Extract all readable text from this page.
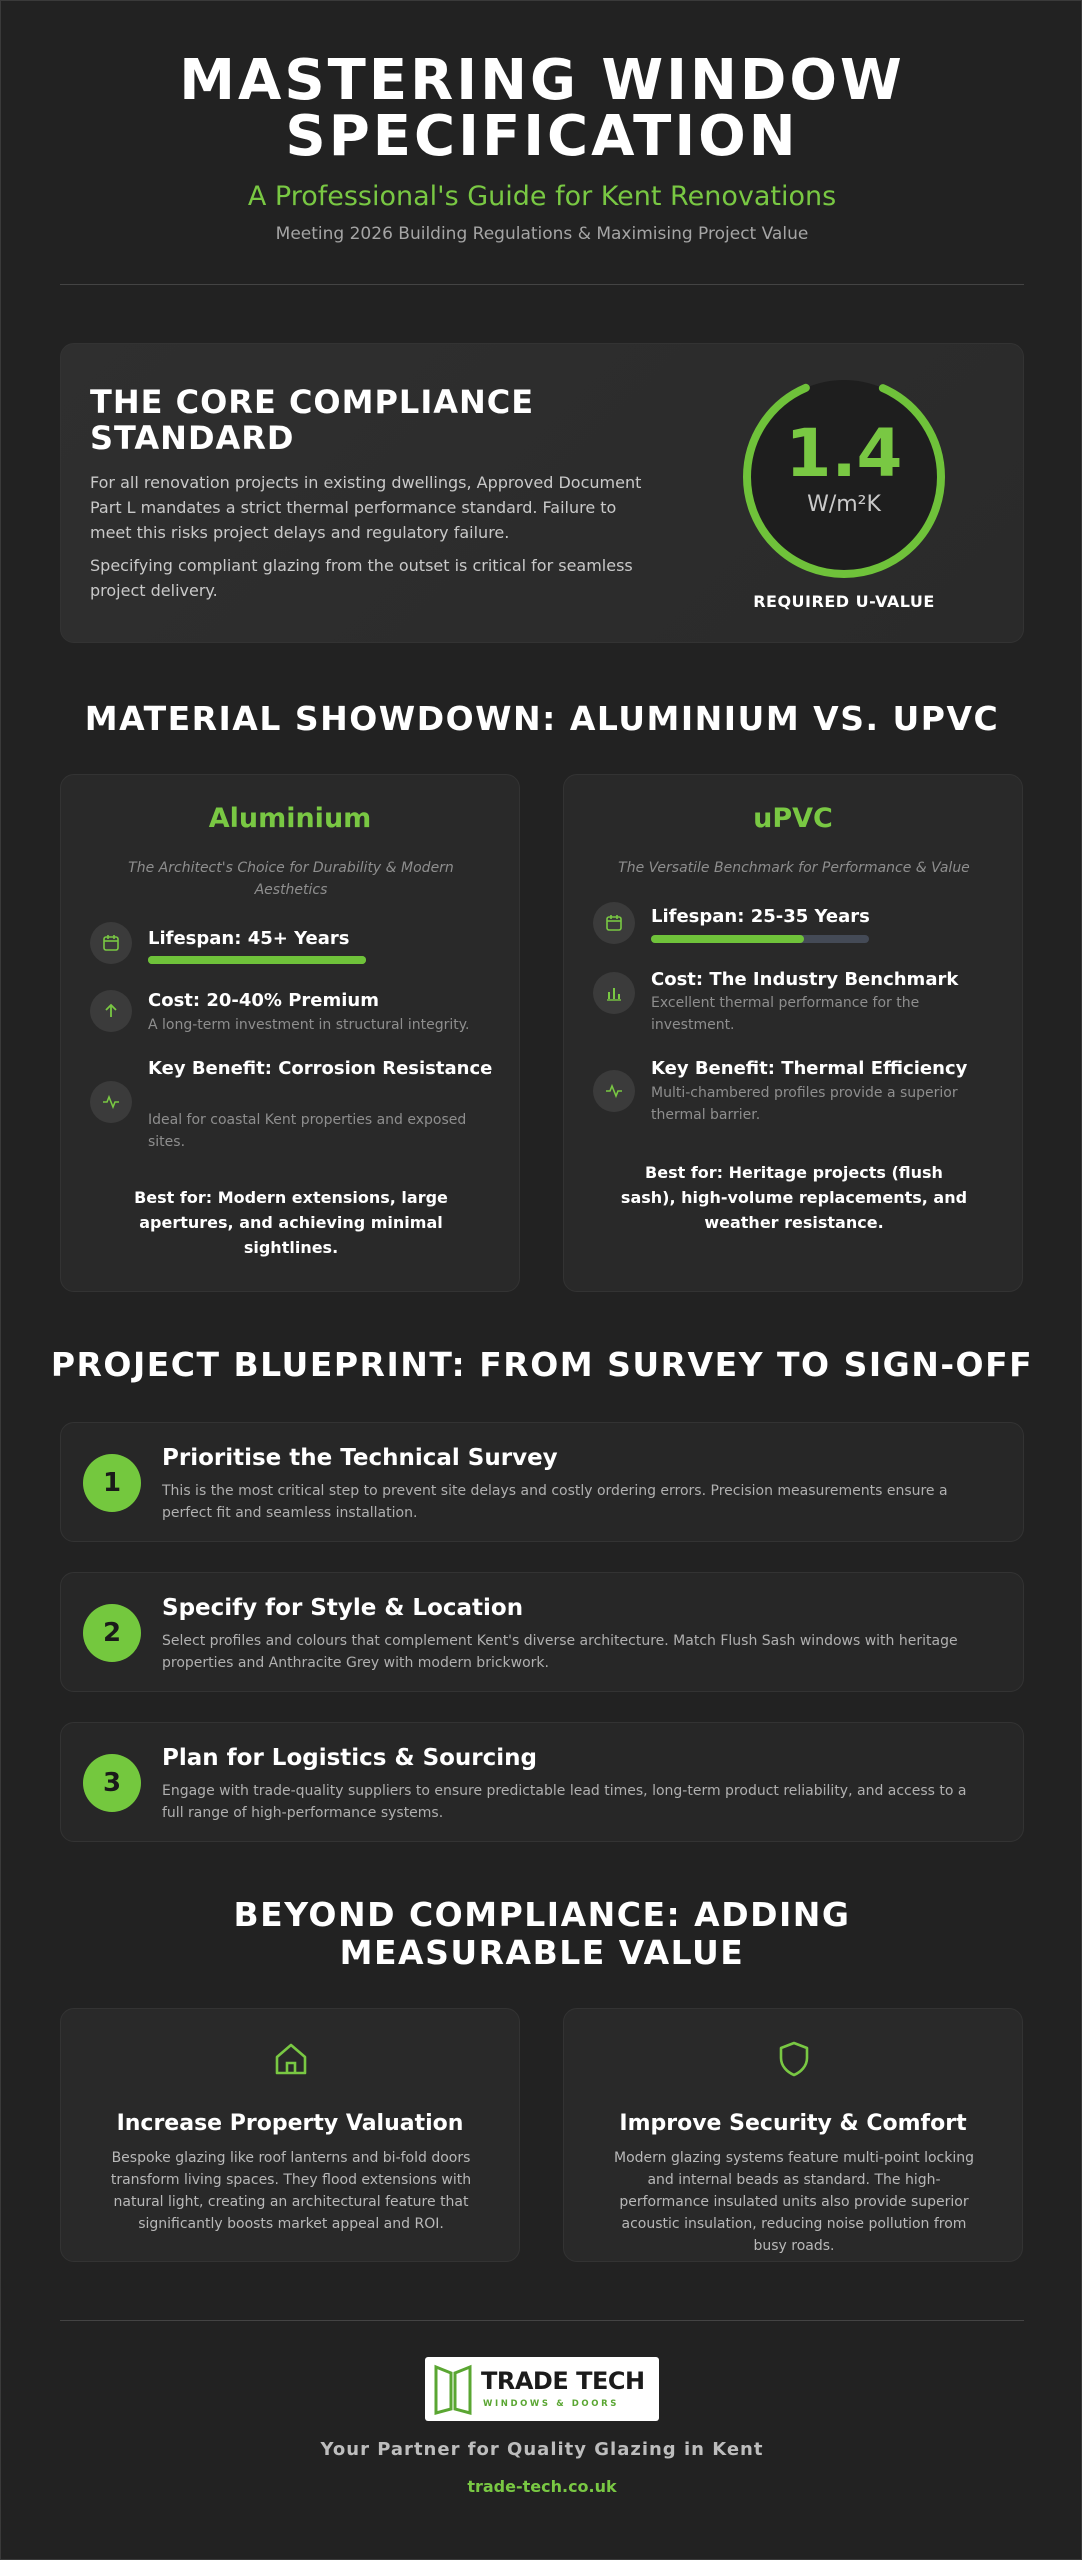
MASTERING WINDOW SPECIFICATION
A Professional's Guide for Kent Renovations
Meeting 2026 Building Regulations & Maximising Project Value
THE CORE COMPLIANCE STANDARD
For all renovation projects in existing dwellings, Approved Document Part L mandates a strict thermal performance standard. Failure to meet this risks project delays and regulatory failure.
Specifying compliant glazing from the outset is critical for seamless project delivery.
1.4
W/m²K
REQUIRED U-VALUE
MATERIAL SHOWDOWN: ALUMINIUM VS. UPVC
Aluminium
The Architect's Choice for Durability & Modern Aesthetics
Lifespan: 45+ Years
Cost: 20-40% Premium
A long-term investment in structural integrity.
Key Benefit: Corrosion Resistance
Ideal for coastal Kent properties and exposed sites.
Best for: Modern extensions, large apertures, and achieving minimal sightlines.
uPVC
The Versatile Benchmark for Performance & Value
Lifespan: 25-35 Years
Cost: The Industry Benchmark
Excellent thermal performance for the investment.
Key Benefit: Thermal Efficiency
Multi-chambered profiles provide a superior thermal barrier.
Best for: Heritage projects (flush sash), high-volume replacements, and weather resistance.
PROJECT BLUEPRINT: FROM SURVEY TO SIGN-OFF
1
Prioritise the Technical Survey
This is the most critical step to prevent site delays and costly ordering errors. Precision measurements ensure a perfect fit and seamless installation.
2
Specify for Style & Location
Select profiles and colours that complement Kent's diverse architecture. Match Flush Sash windows with heritage properties and Anthracite Grey with modern brickwork.
3
Plan for Logistics & Sourcing
Engage with trade-quality suppliers to ensure predictable lead times, long-term product reliability, and access to a full range of high-performance systems.
BEYOND COMPLIANCE: ADDING MEASURABLE VALUE
Increase Property Valuation
Bespoke glazing like roof lanterns and bi-fold doors transform living spaces. They flood extensions with natural light, creating an architectural feature that significantly boosts market appeal and ROI.
Improve Security & Comfort
Modern glazing systems feature multi-point locking and internal beads as standard. The high-performance insulated units also provide superior acoustic insulation, reducing noise pollution from busy roads.
TRADE TECH
WINDOWS & DOORS
Your Partner for Quality Glazing in Kent
trade-tech.co.uk
